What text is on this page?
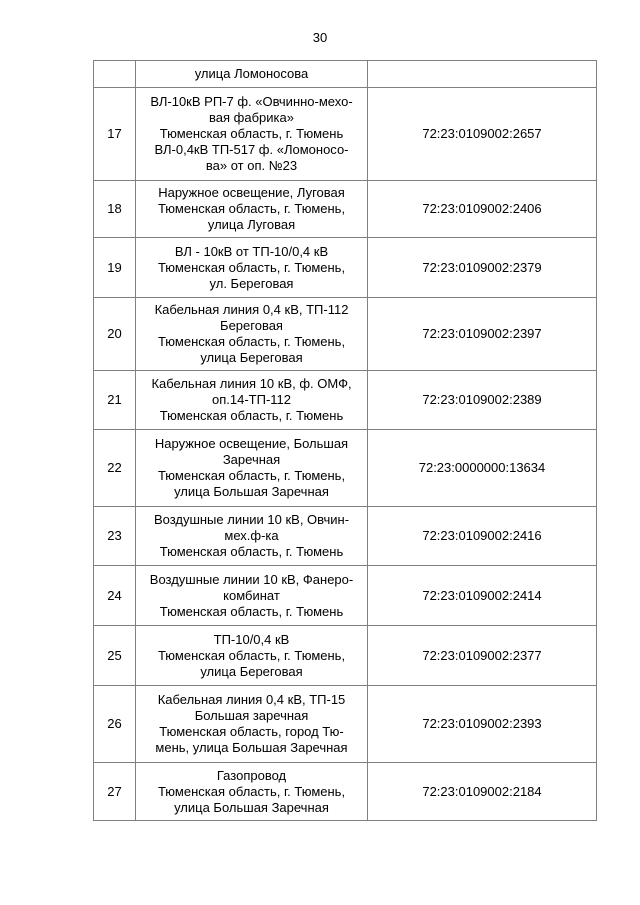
30

	улица Ломоносова	

17	ВЛ-10кВ РП-7 ф. «Овчинно-мехо-
вая фабрика»
Тюменская область, г. Тюмень
ВЛ-0,4кВ ТП-517 ф. «Ломоносо-
ва» от оп. №23	72:23:0109002:2657

18	Наружное освещение, Луговая
Тюменская область, г. Тюмень,
улица Луговая	72:23:0109002:2406

19	ВЛ - 10кВ от ТП-10/0,4 кВ
Тюменская область, г. Тюмень,
ул. Береговая	72:23:0109002:2379

20	Кабельная линия 0,4 кВ, ТП-112
Береговая
Тюменская область, г. Тюмень,
улица Береговая	72:23:0109002:2397

21	Кабельная линия 10 кВ, ф. ОМФ,
оп.14-ТП-112
Тюменская область, г. Тюмень	72:23:0109002:2389

22	Наружное освещение, Большая
Заречная
Тюменская область, г. Тюмень,
улица Большая Заречная	72:23:0000000:13634

23	Воздушные линии 10 кВ, Овчин-
мех.ф-ка
Тюменская область, г. Тюмень	72:23:0109002:2416

24	Воздушные линии 10 кВ, Фанеро-
комбинат
Тюменская область, г. Тюмень	72:23:0109002:2414

25	ТП-10/0,4 кВ
Тюменская область, г. Тюмень,
улица Береговая	72:23:0109002:2377

26	Кабельная линия 0,4 кВ, ТП-15
Большая заречная
Тюменская область, город Тю-
мень, улица Большая Заречная	72:23:0109002:2393

27	Газопровод
Тюменская область, г. Тюмень,
улица Большая Заречная	72:23:0109002:2184
